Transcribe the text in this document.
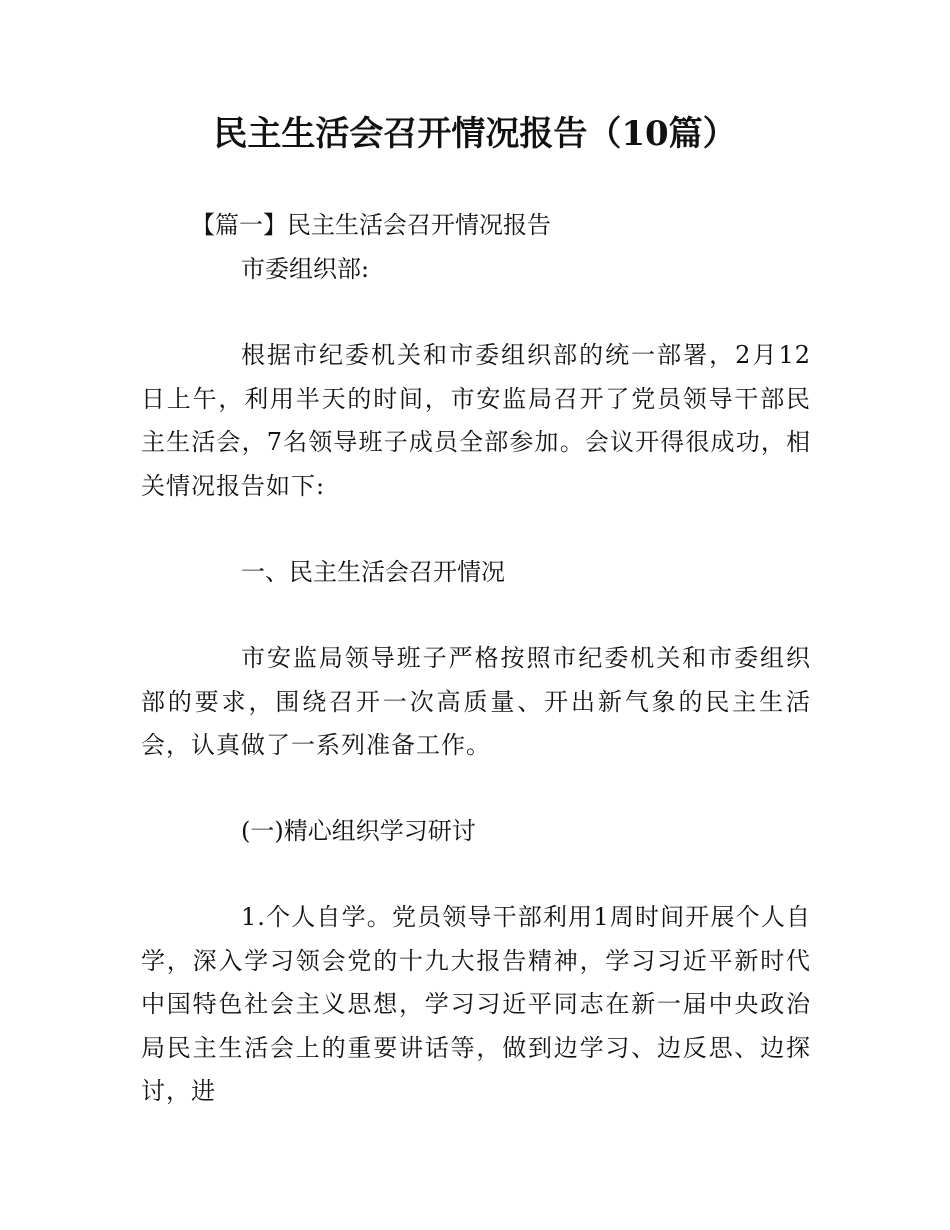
民主生活会召开情况报告（10篇）

【篇一】民主生活会召开情况报告

市委组织部:

根据市纪委机关和市委组织部的统一部署，2月12日上午，利用半天的时间，市安监局召开了党员领导干部民主生活会，7名领导班子成员全部参加。会议开得很成功，相关情况报告如下:

一、民主生活会召开情况

市安监局领导班子严格按照市纪委机关和市委组织部的要求，围绕召开一次高质量、开出新气象的民主生活会，认真做了一系列准备工作。

(一)精心组织学习研讨

1.个人自学。党员领导干部利用1周时间开展个人自学，深入学习领会党的十九大报告精神，学习习近平新时代中国特色社会主义思想，学习习近平同志在新一届中央政治局民主生活会上的重要讲话等，做到边学习、边反思、边探讨，进
